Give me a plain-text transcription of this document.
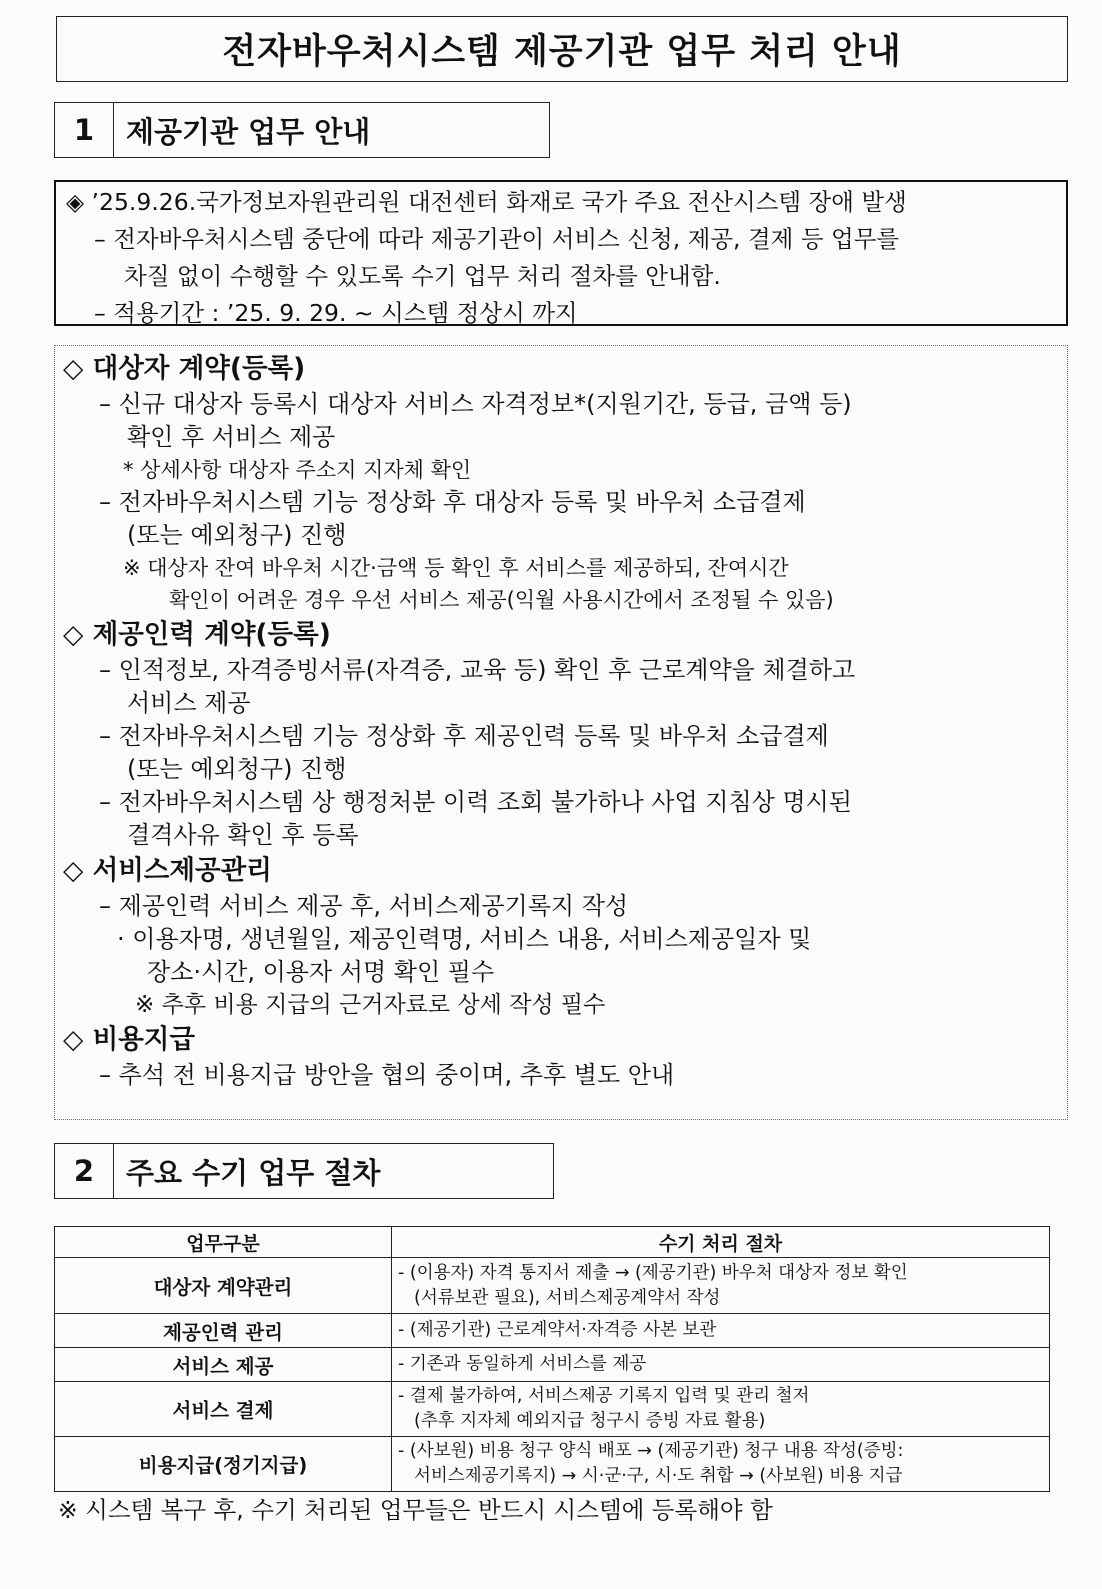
전자바우처시스템 제공기관 업무 처리 안내
1	제공기관 업무 안내
◈ ’25.9.26.국가정보자원관리원 대전센터 화재로 국가 주요 전산시스템 장애 발생
– 전자바우처시스템 중단에 따라 제공기관이 서비스 신청, 제공, 결제 등 업무를
차질 없이 수행할 수 있도록 수기 업무 처리 절차를 안내함.
– 적용기간 : ’25. 9. 29. ~ 시스템 정상시 까지
◇ 대상자 계약(등록)
– 신규 대상자 등록시 대상자 서비스 자격정보*(지원기간, 등급, 금액 등)
확인 후 서비스 제공
* 상세사항 대상자 주소지 지자체 확인
– 전자바우처시스템 기능 정상화 후 대상자 등록 및 바우처 소급결제
(또는 예외청구) 진행
※ 대상자 잔여 바우처 시간·금액 등 확인 후 서비스를 제공하되, 잔여시간
확인이 어려운 경우 우선 서비스 제공(익월 사용시간에서 조정될 수 있음)
◇ 제공인력 계약(등록)
– 인적정보, 자격증빙서류(자격증, 교육 등) 확인 후 근로계약을 체결하고
서비스 제공
– 전자바우처시스템 기능 정상화 후 제공인력 등록 및 바우처 소급결제
(또는 예외청구) 진행
– 전자바우처시스템 상 행정처분 이력 조회 불가하나 사업 지침상 명시된
결격사유 확인 후 등록
◇ 서비스제공관리
– 제공인력 서비스 제공 후, 서비스제공기록지 작성
· 이용자명, 생년월일, 제공인력명, 서비스 내용, 서비스제공일자 및
장소·시간, 이용자 서명 확인 필수
※ 추후 비용 지급의 근거자료로 상세 작성 필수
◇ 비용지급
– 추석 전 비용지급 방안을 협의 중이며, 추후 별도 안내
2	주요 수기 업무 절차
업무구분	수기 처리 절차
대상자 계약관리	- (이용자) 자격 통지서 제출 → (제공기관) 바우처 대상자 정보 확인
(서류보관 필요), 서비스제공계약서 작성

제공인력 관리	- (제공기관) 근로계약서·자격증 사본 보관

서비스 제공	- 기존과 동일하게 서비스를 제공

서비스 결제	- 결제 불가하여, 서비스제공 기록지 입력 및 관리 철저
(추후 지자체 예외지급 청구시 증빙 자료 활용)

비용지급(정기지급)	- (사보원) 비용 청구 양식 배포 → (제공기관) 청구 내용 작성(증빙:
서비스제공기록지) → 시·군·구, 시·도 취합 → (사보원) 비용 지급
※ 시스템 복구 후, 수기 처리된 업무들은 반드시 시스템에 등록해야 함
